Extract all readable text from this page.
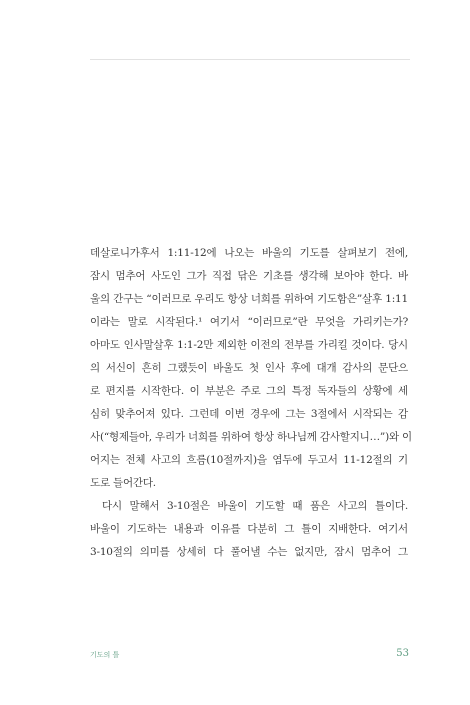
데살로니가후서 1:11-12에 나오는 바울의 기도를 살펴보기 전에,
잠시 멈추어 사도인 그가 직접 닦은 기초를 생각해 보아야 한다. 바
울의 간구는 “이러므로 우리도 항상 너희를 위하여 기도함은”살후 1:11
이라는 말로 시작된다.¹ 여기서 “이러므로”란 무엇을 가리키는가?
아마도 인사말살후 1:1-2만 제외한 이전의 전부를 가리킬 것이다. 당시
의 서신이 흔히 그랬듯이 바울도 첫 인사 후에 대개 감사의 문단으
로 편지를 시작한다. 이 부분은 주로 그의 특정 독자들의 상황에 세
심히 맞추어져 있다. 그런데 이번 경우에 그는 3절에서 시작되는 감
사(“형제들아, 우리가 너희를 위하여 항상 하나님께 감사할지니…”)와 이
어지는 전체 사고의 흐름(10절까지)을 염두에 두고서 11-12절의 기
도로 들어간다.
다시 말해서 3-10절은 바울이 기도할 때 품은 사고의 틀이다.
바울이 기도하는 내용과 이유를 다분히 그 틀이 지배한다. 여기서
3-10절의 의미를 상세히 다 풀어낼 수는 없지만, 잠시 멈추어 그
기도의 틀	53
